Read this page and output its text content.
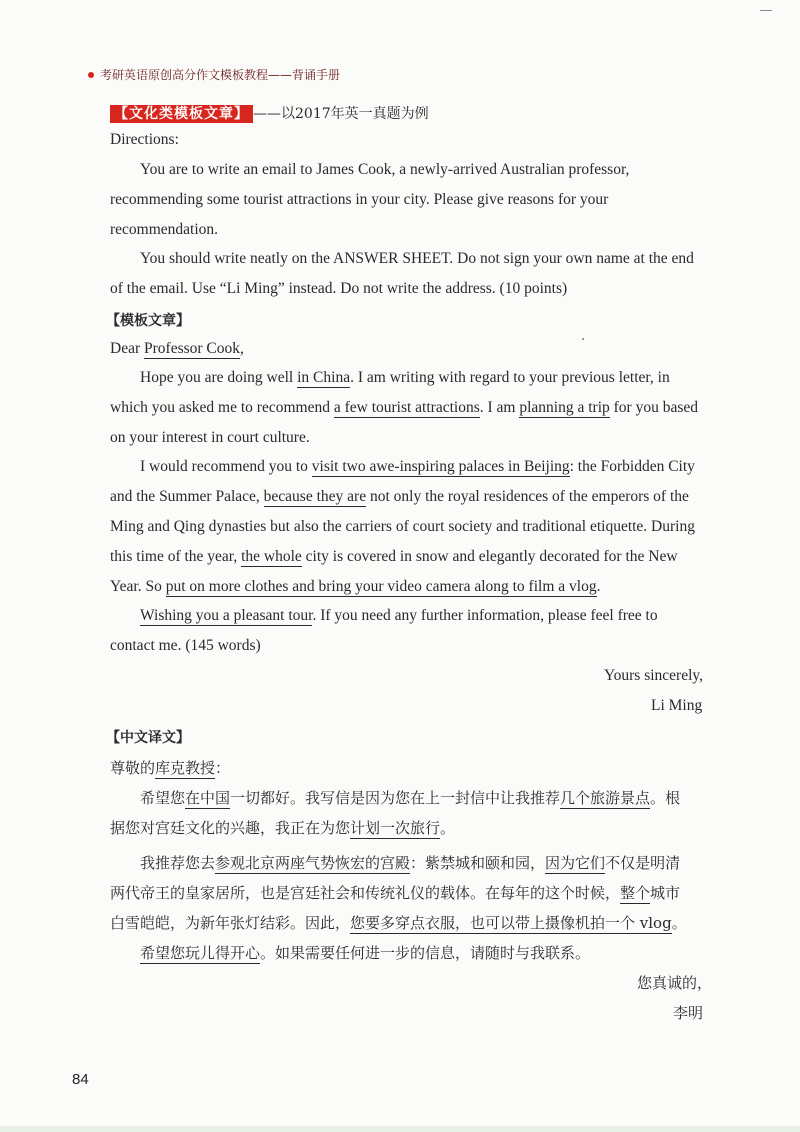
考研英语原创高分作文模板教程——背诵手册
【文化类模板文章】 ——以2017年英一真题为例
Directions:
You are to write an email to James Cook, a newly-arrived Australian professor,
recommending some tourist attractions in your city. Please give reasons for your
recommendation.
You should write neatly on the ANSWER SHEET. Do not sign your own name at the end
of the email. Use “Li Ming” instead. Do not write the address. (10 points)
【模板文章】
Dear Professor Cook,
Hope you are doing well in China. I am writing with regard to your previous letter, in
which you asked me to recommend a few tourist attractions. I am planning a trip for you based
on your interest in court culture.
I would recommend you to visit two awe-inspiring palaces in Beijing: the Forbidden City
and the Summer Palace, because they are not only the royal residences of the emperors of the
Ming and Qing dynasties but also the carriers of court society and traditional etiquette. During
this time of the year, the whole city is covered in snow and elegantly decorated for the New
Year. So put on more clothes and bring your video camera along to film a vlog.
Wishing you a pleasant tour. If you need any further information, please feel free to
contact me. (145 words)
Yours sincerely,
Li Ming
【中文译文】
尊敬的库克教授：
希望您在中国一切都好。我写信是因为您在上一封信中让我推荐几个旅游景点。根
据您对宫廷文化的兴趣，我正在为您计划一次旅行。
我推荐您去参观北京两座气势恢宏的宫殿：紫禁城和颐和园，因为它们不仅是明清
两代帝王的皇家居所，也是宫廷社会和传统礼仪的载体。在每年的这个时候，整个城市
白雪皑皑，为新年张灯结彩。因此，您要多穿点衣服，也可以带上摄像机拍一个 vlog。
希望您玩儿得开心。如果需要任何进一步的信息，请随时与我联系。
您真诚的，
李明
84
